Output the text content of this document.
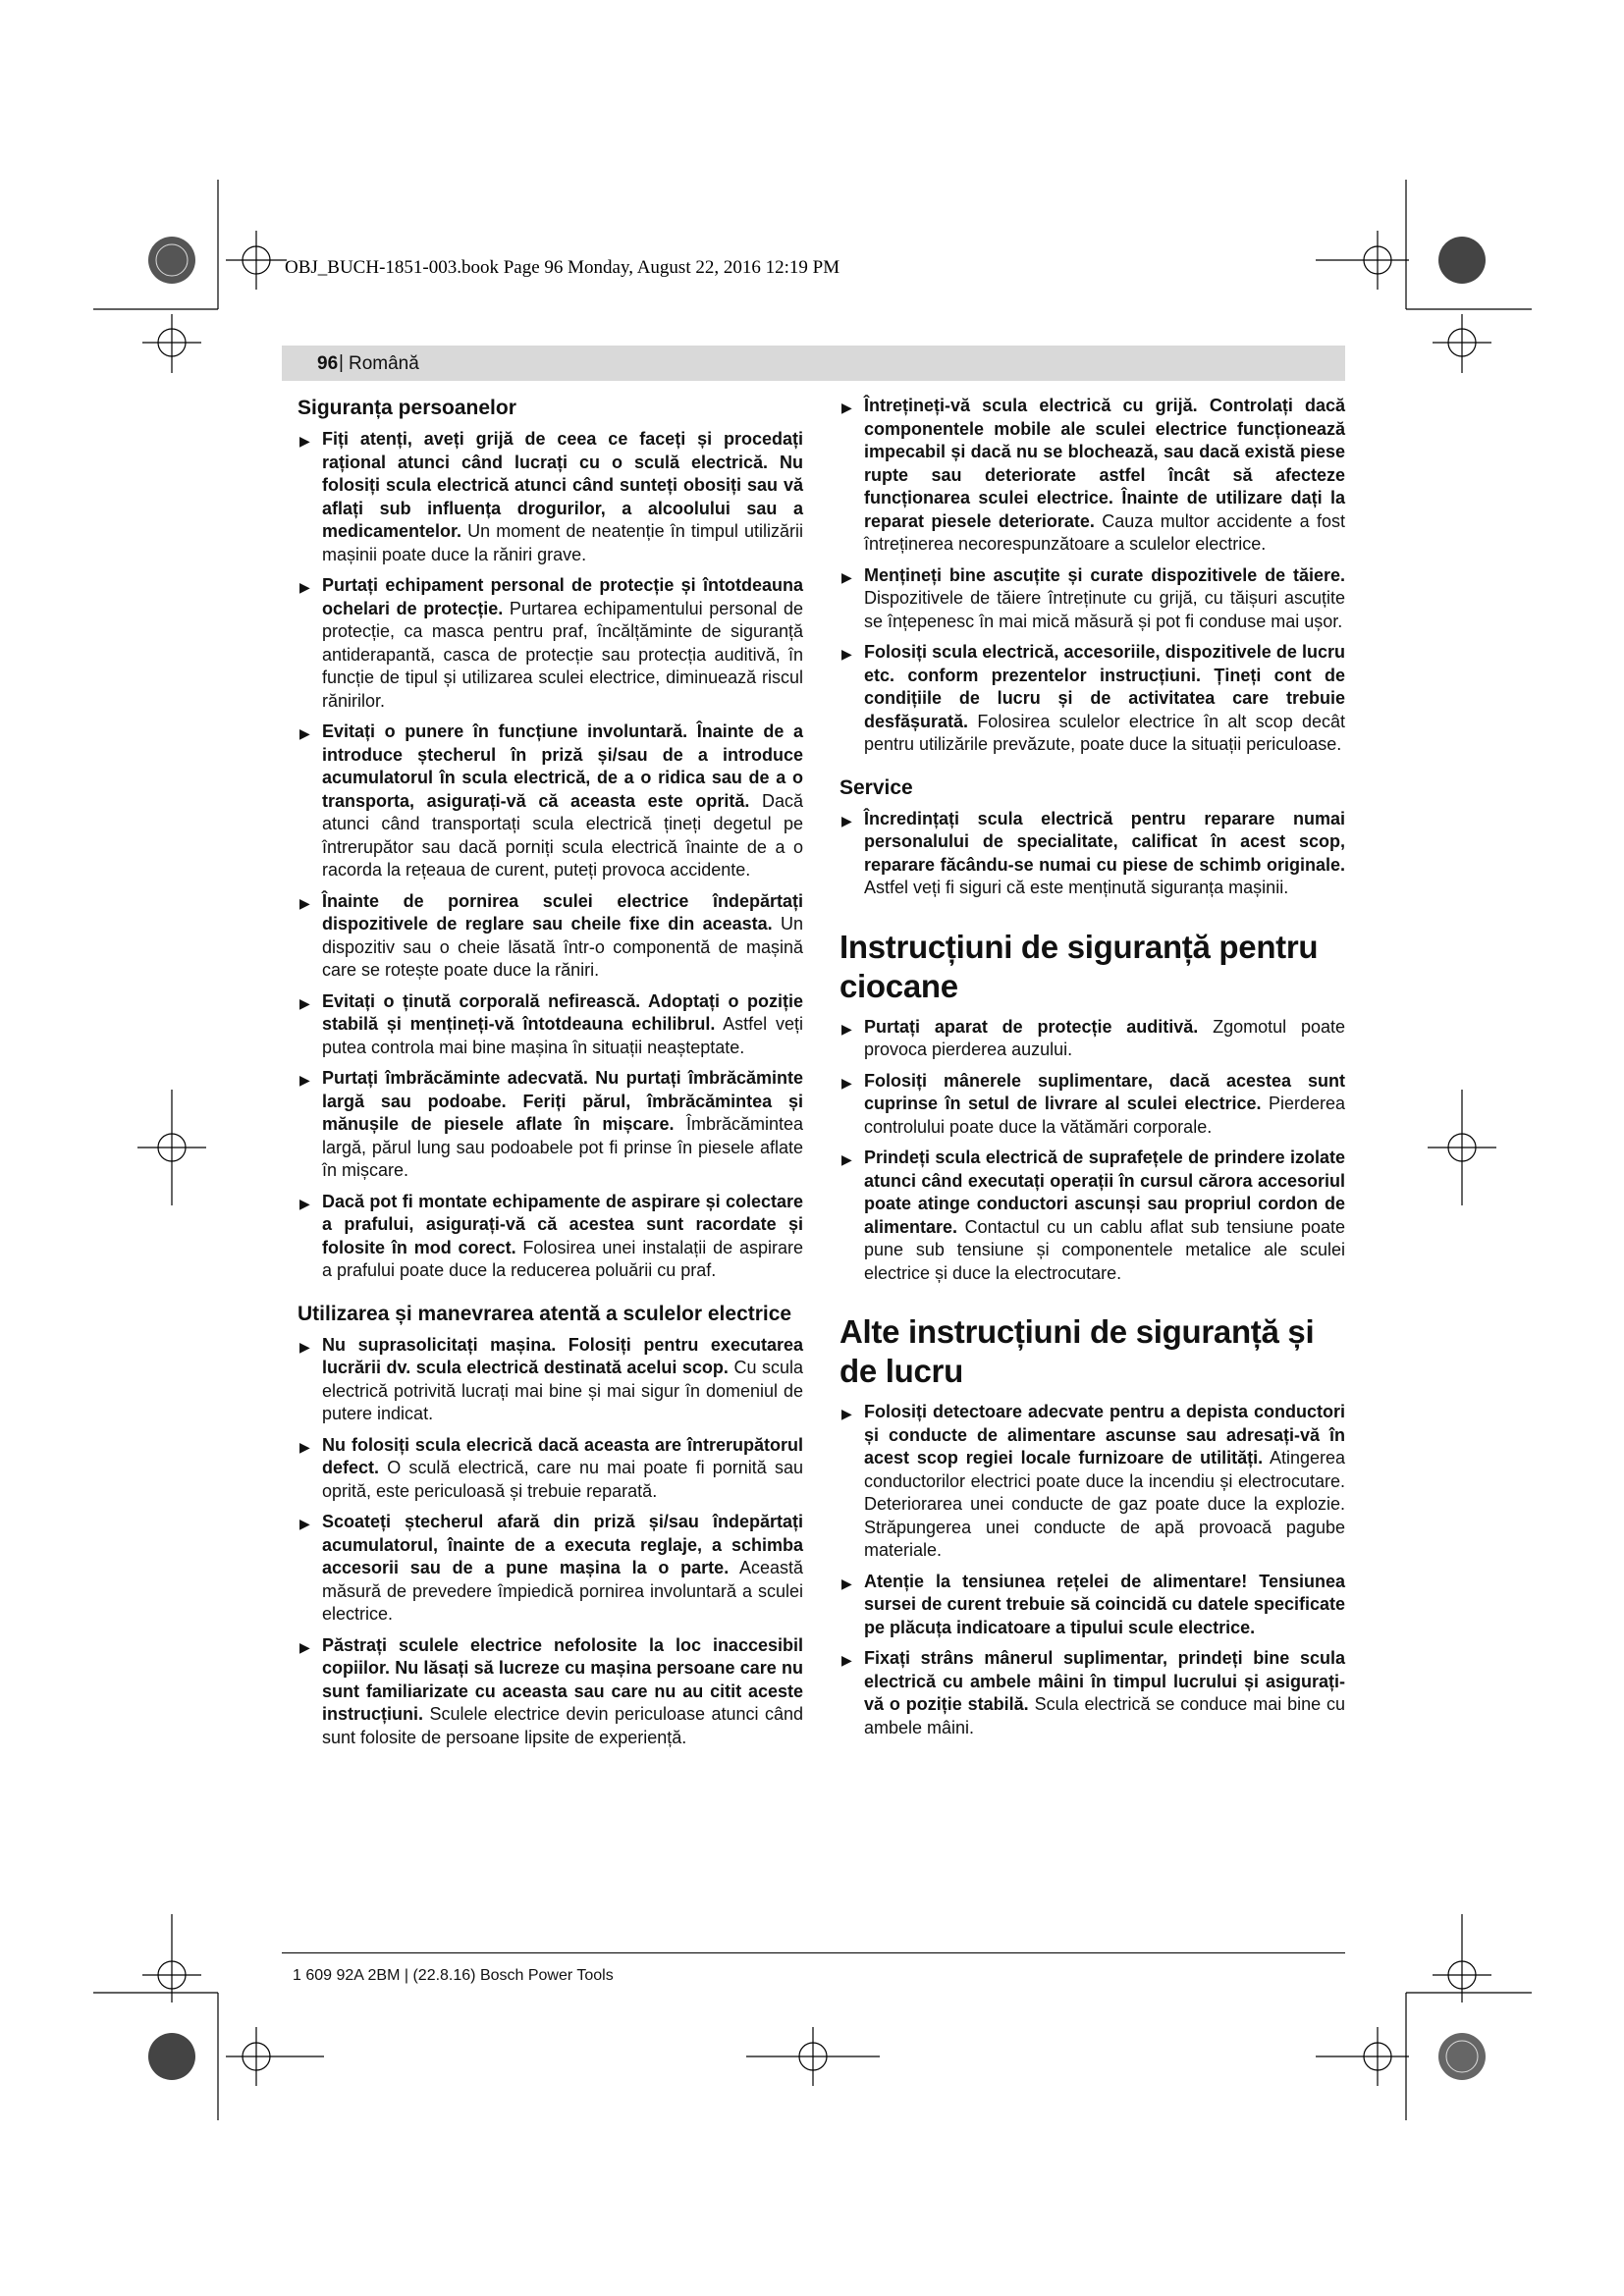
OBJ_BUCH-1851-003.book Page 96 Monday, August 22, 2016 12:19 PM
96 | Română
Siguranța persoanelor
▶ Fiți atenți, aveți grijă de ceea ce faceți și procedați rațional atunci când lucrați cu o sculă electrică. Nu folosiți scula electrică atunci când sunteți obosiți sau vă aflați sub influența drogurilor, a alcoolului sau a medicamentelor. Un moment de neatenție în timpul utilizării mașinii poate duce la răniri grave.
▶ Purtați echipament personal de protecție și întotdeauna ochelari de protecție. Purtarea echipamentului personal de protecție, ca masca pentru praf, încălțăminte de siguranță antiderapantă, casca de protecție sau protecția auditivă, în funcție de tipul și utilizarea sculei electrice, diminuează riscul rănirilor.
▶ Evitați o punere în funcțiune involuntară. Înainte de a introduce ștecherul în priză și/sau de a introduce acumulatorul în scula electrică, de a o ridica sau de a o transporta, asigurați-vă că aceasta este oprită. Dacă atunci când transportați scula electrică țineți degetul pe întrerupător sau dacă porniți scula electrică înainte de a o racorda la rețeaua de curent, puteți provoca accidente.
▶ Înainte de pornirea sculei electrice îndepărtați dispozitivele de reglare sau cheile fixe din aceasta. Un dispozitiv sau o cheie lăsată într-o componentă de mașină care se rotește poate duce la răniri.
▶ Evitați o ținută corporală nefirească. Adoptați o poziție stabilă și mențineți-vă întotdeauna echilibrul. Astfel veți putea controla mai bine mașina în situații neașteptate.
▶ Purtați îmbrăcăminte adecvată. Nu purtați îmbrăcăminte largă sau podoabe. Feriți părul, îmbrăcămintea și mănușile de piesele aflate în mișcare. Îmbrăcămintea largă, părul lung sau podoabele pot fi prinse în piesele aflate în mișcare.
▶ Dacă pot fi montate echipamente de aspirare și colectare a prafului, asigurați-vă că acestea sunt racordate și folosite în mod corect. Folosirea unei instalații de aspirare a prafului poate duce la reducerea poluării cu praf.
Utilizarea și manevrarea atentă a sculelor electrice
▶ Nu suprasolicitați mașina. Folosiți pentru executarea lucrării dv. scula electrică destinată acelui scop. Cu scula electrică potrivită lucrați mai bine și mai sigur în domeniul de putere indicat.
▶ Nu folosiți scula elecrică dacă aceasta are întrerupătorul defect. O sculă electrică, care nu mai poate fi pornită sau oprită, este periculoasă și trebuie reparată.
▶ Scoateți ștecherul afară din priză și/sau îndepărtați acumulatorul, înainte de a executa reglaje, a schimba accesorii sau de a pune mașina la o parte. Această măsură de prevedere împiedică pornirea involuntară a sculei electrice.
▶ Păstrați sculele electrice nefolosite la loc inaccesibil copiilor. Nu lăsați să lucreze cu mașina persoane care nu sunt familiarizate cu aceasta sau care nu au citit aceste instrucțiuni. Sculele electrice devin periculoase atunci când sunt folosite de persoane lipsite de experiență.
▶ Întrețineți-vă scula electrică cu grijă. Controlați dacă componentele mobile ale sculei electrice funcționează impecabil și dacă nu se blochează, sau dacă există piese rupte sau deteriorate astfel încât să afecteze funcționarea sculei electrice. Înainte de utilizare dați la reparat piesele deteriorate. Cauza multor accidente a fost întreținerea necorespunzătoare a sculelor electrice.
▶ Mențineți bine ascuțite și curate dispozitivele de tăiere. Dispozitivele de tăiere întreținute cu grijă, cu tăișuri ascuțite se înțepenesc în mai mică măsură și pot fi conduse mai ușor.
▶ Folosiți scula electrică, accesoriile, dispozitivele de lucru etc. conform prezentelor instrucțiuni. Țineți cont de condițiile de lucru și de activitatea care trebuie desfășurată. Folosirea sculelor electrice în alt scop decât pentru utilizările prevăzute, poate duce la situații periculoase.
Service
▶ Încredințați scula electrică pentru reparare numai personalului de specialitate, calificat în acest scop, reparare făcându-se numai cu piese de schimb originale. Astfel veți fi siguri că este menținută siguranța mașinii.
Instrucțiuni de siguranță pentru ciocane
▶ Purtați aparat de protecție auditivă. Zgomotul poate provoca pierderea auzului.
▶ Folosiți mânerele suplimentare, dacă acestea sunt cuprinse în setul de livrare al sculei electrice. Pierderea controlului poate duce la vătămări corporale.
▶ Prindeți scula electrică de suprafețele de prindere izolate atunci când executați operații în cursul cărora accesoriul poate atinge conductori ascunși sau propriul cordon de alimentare. Contactul cu un cablu aflat sub tensiune poate pune sub tensiune și componentele metalice ale sculei electrice și duce la electrocutare.
Alte instrucțiuni de siguranță și de lucru
▶ Folosiți detectoare adecvate pentru a depista conductori și conducte de alimentare ascunse sau adresați-vă în acest scop regiei locale furnizoare de utilități. Atingerea conductorilor electrici poate duce la incendiu și electrocutare. Deteriorarea unei conducte de gaz poate duce la explozie. Străpungerea unei conducte de apă provoacă pagube materiale.
▶ Atenție la tensiunea rețelei de alimentare! Tensiunea sursei de curent trebuie să coincidă cu datele specificate pe plăcuța indicatoare a tipului scule electrice.
▶ Fixați strâns mânerul suplimentar, prindeți bine scula electrică cu ambele mâini în timpul lucrului și asigurați-vă o poziție stabilă. Scula electrică se conduce mai bine cu ambele mâini.
1 609 92A 2BM | (22.8.16) Bosch Power Tools
